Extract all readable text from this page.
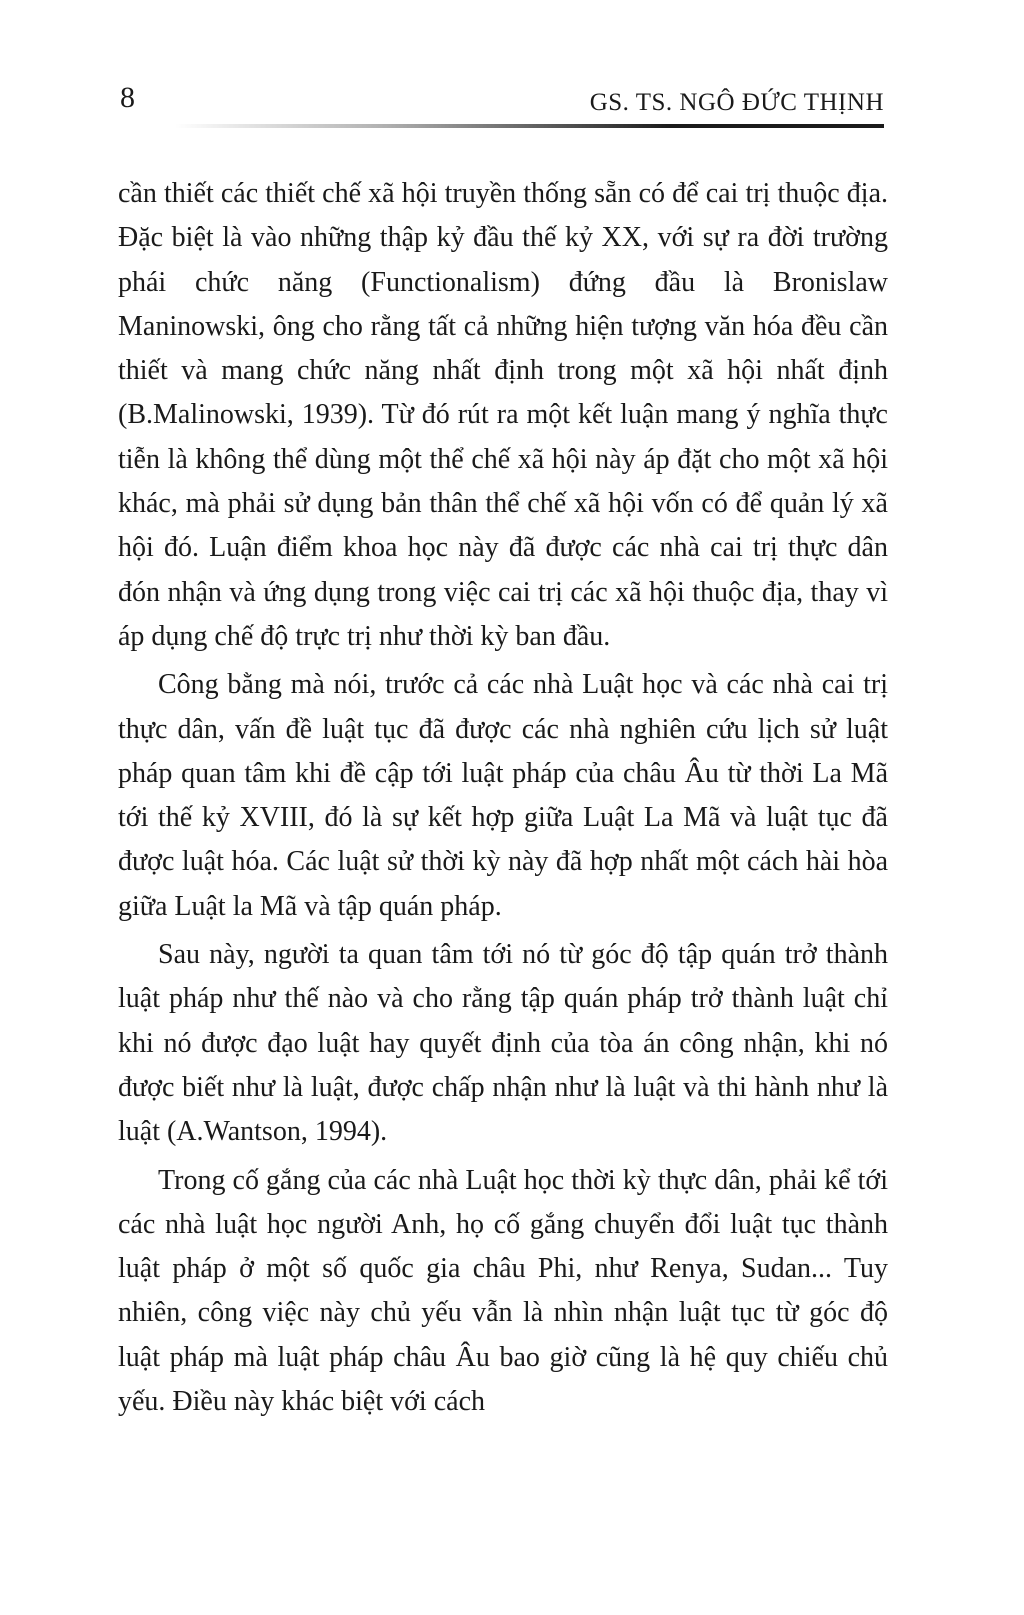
8	GS. TS. NGÔ ĐỨC THỊNH

cần thiết các thiết chế xã hội truyền thống sẵn có để cai trị thuộc địa. Đặc biệt là vào những thập kỷ đầu thế kỷ XX, với sự ra đời trường phái chức năng (Functionalism) đứng đầu là Bronislaw Maninowski, ông cho rằng tất cả những hiện tượng văn hóa đều cần thiết và mang chức năng nhất định trong một xã hội nhất định (B.Malinowski, 1939). Từ đó rút ra một kết luận mang ý nghĩa thực tiễn là không thể dùng một thể chế xã hội này áp đặt cho một xã hội khác, mà phải sử dụng bản thân thể chế xã hội vốn có để quản lý xã hội đó. Luận điểm khoa học này đã được các nhà cai trị thực dân đón nhận và ứng dụng trong việc cai trị các xã hội thuộc địa, thay vì áp dụng chế độ trực trị như thời kỳ ban đầu.

Công bằng mà nói, trước cả các nhà Luật học và các nhà cai trị thực dân, vấn đề luật tục đã được các nhà nghiên cứu lịch sử luật pháp quan tâm khi đề cập tới luật pháp của châu Âu từ thời La Mã tới thế kỷ XVIII, đó là sự kết hợp giữa Luật La Mã và luật tục đã được luật hóa. Các luật sử thời kỳ này đã hợp nhất một cách hài hòa giữa Luật la Mã và tập quán pháp.

Sau này, người ta quan tâm tới nó từ góc độ tập quán trở thành luật pháp như thế nào và cho rằng tập quán pháp trở thành luật chỉ khi nó được đạo luật hay quyết định của tòa án công nhận, khi nó được biết như là luật, được chấp nhận như là luật và thi hành như là luật (A.Wantson, 1994).

Trong cố gắng của các nhà Luật học thời kỳ thực dân, phải kể tới các nhà luật học người Anh, họ cố gắng chuyển đổi luật tục thành luật pháp ở một số quốc gia châu Phi, như Renya, Sudan... Tuy nhiên, công việc này chủ yếu vẫn là nhìn nhận luật tục từ góc độ luật pháp mà luật pháp châu Âu bao giờ cũng là hệ quy chiếu chủ yếu. Điều này khác biệt với cách
